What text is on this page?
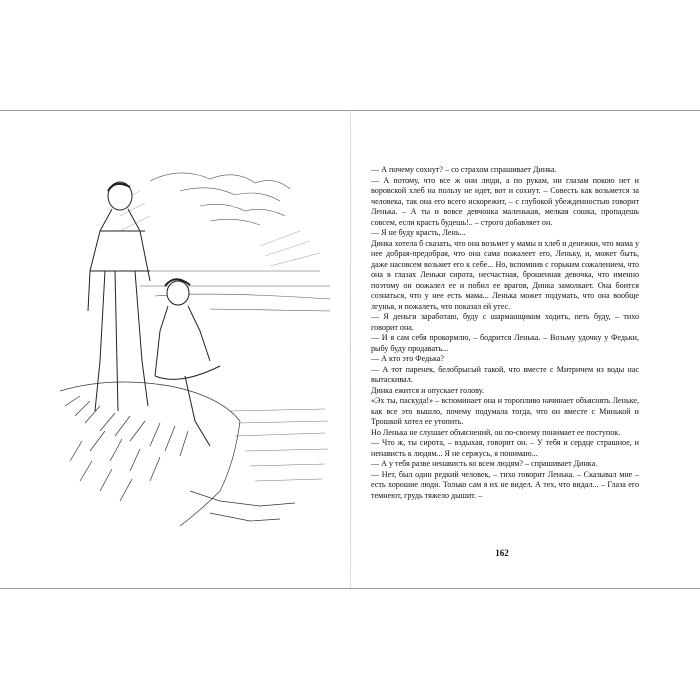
— А почему сохнут? – со страхом спрашивает Динка.

— А потому, что все ж они люди, а по рукам, ни глазам покою нет и воровской хлеб на пользу не идет, вот и сохнут. – Совесть как возьмется за человека, так она его всего искорежит, – с глубокой убежденностью говорит Ленька. – А ты и вовсе девчонка маленькая, мелкая сошка, пропадешь совсем, если красть будешь!.. – строго добавляет он.

— Я не буду красть, Лень...

Динка хотела б сказать, что она возьмет у мамы и хлеб и денежки, что мама у нее добрая-предобрая, что она сама пожалеет его, Леньку, и, может быть, даже насовсем возьмет его к себе... Но, вспомнив с горьким сожалением, что она в глазах Леньки сирота, несчастная, брошенная девочка, что именно поэтому он пожалел ее и побил ее врагов, Динка замолкает. Она боится сознаться, что у нее есть мама... Ленька может подумать, что она вообще лгунья, и пожалеть, что показал ей утес.

— Я деньги заработаю, буду с шарманщиком ходить, петь буду, – тихо говорит она.

— И я сам себя прокормлю, – бодрится Ленька. – Возьму удочку у Федьки, рыбу буду продавать...

— А кто это Федька?

— А тот паренек, белобрысый такой, что вместе с Митричем из воды нас вытаскивал.

Динка ежится и опускает голову.

«Эх ты, паскуда!» – вспоминает она и торопливо начинает объяснять Леньке, как все это вышло, почему подумала тогда, что он вместе с Минькой и Трошкой хотел ее утопить.

Но Ленька не слушает объяснений, он по-своему понимает ее поступок.

— Что ж, ты сирота, – вздыхая, говорит он. – У тебя и сердце страшное, и ненависть к людям... Я не сержусь, я понимаю...

— А у тебя разве ненависть ко всем людям? – спрашивает Динка.

— Нет, был один редкий человек, – тихо говорит Ленька. – Сказывал мне – есть хорошие люди. Только сам я их не видел. А тех, что видал... – Глаза его темнеют, грудь тяжело дышит. –

162
